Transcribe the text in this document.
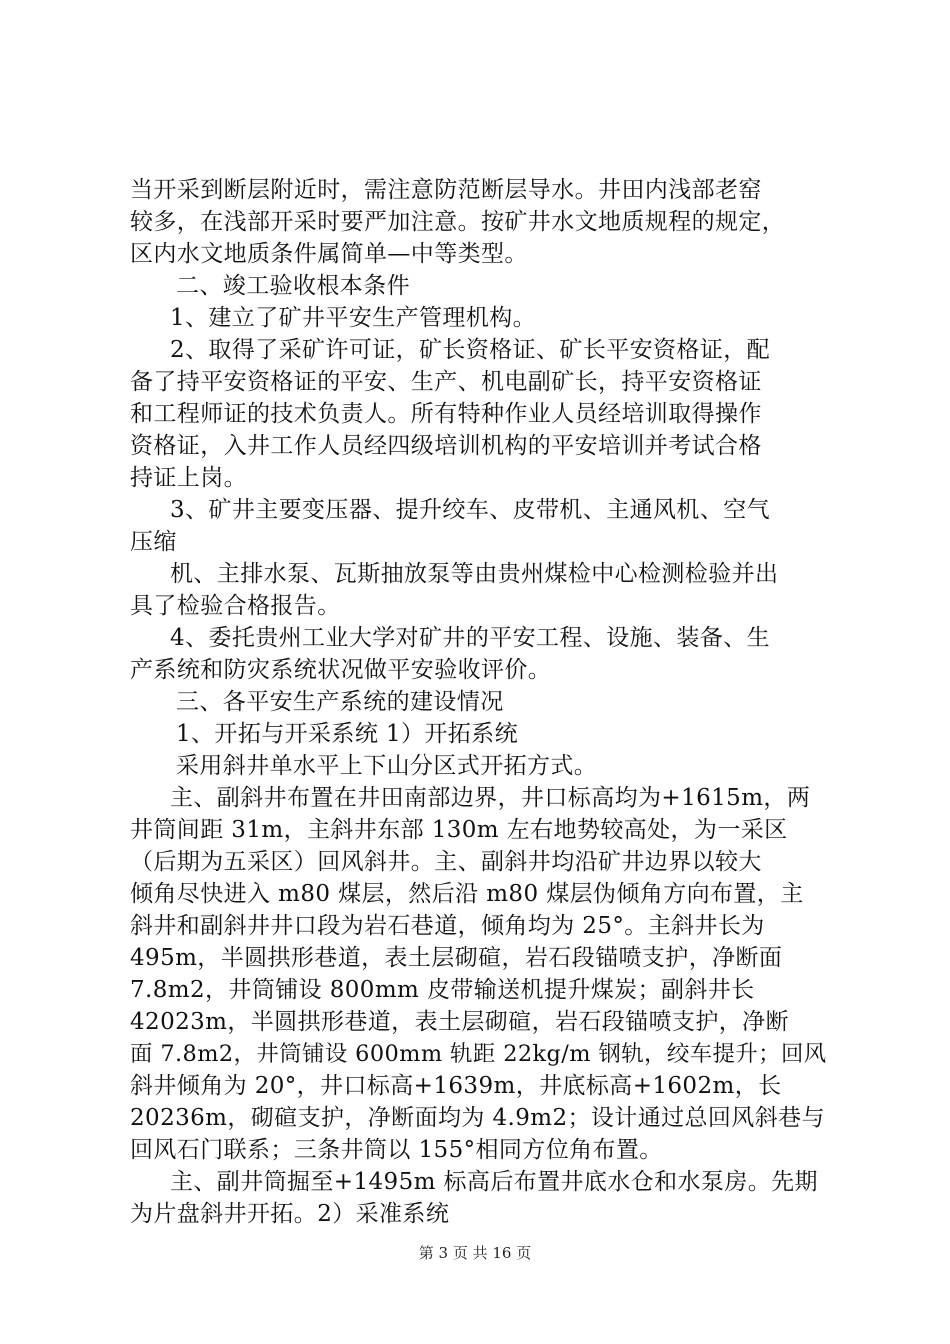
当开采到断层附近时，需注意防范断层导水。井田内浅部老窑
较多，在浅部开采时要严加注意。按矿井水文地质规程的规定，
区内水文地质条件属简单—中等类型。
二、竣工验收根本条件
1、建立了矿井平安生产管理机构。
2、取得了采矿许可证，矿长资格证、矿长平安资格证，配
备了持平安资格证的平安、生产、机电副矿长，持平安资格证
和工程师证的技术负责人。所有特种作业人员经培训取得操作
资格证，入井工作人员经四级培训机构的平安培训并考试合格
持证上岗。
3、矿井主要变压器、提升绞车、皮带机、主通风机、空气
压缩
机、主排水泵、瓦斯抽放泵等由贵州煤检中心检测检验并出
具了检验合格报告。
4、委托贵州工业大学对矿井的平安工程、设施、装备、生
产系统和防灾系统状况做平安验收评价。
三、各平安生产系统的建设情况
1、开拓与开采系统 1）开拓系统
采用斜井单水平上下山分区式开拓方式。
主、副斜井布置在井田南部边界，井口标高均为+1615m，两
井筒间距 31m，主斜井东部 130m 左右地势较高处，为一采区
（后期为五采区）回风斜井。主、副斜井均沿矿井边界以较大
倾角尽快进入 m80 煤层，然后沿 m80 煤层伪倾角方向布置，主
斜井和副斜井井口段为岩石巷道，倾角均为 25°。主斜井长为
495m，半圆拱形巷道，表土层砌碹，岩石段锚喷支护，净断面
7.8m2，井筒铺设 800mm 皮带输送机提升煤炭；副斜井长
42023m，半圆拱形巷道，表土层砌碹，岩石段锚喷支护，净断
面 7.8m2，井筒铺设 600mm 轨距 22kg/m 钢轨，绞车提升；回风
斜井倾角为 20°，井口标高+1639m，井底标高+1602m，长
20236m，砌碹支护，净断面均为 4.9m2；设计通过总回风斜巷与
回风石门联系；三条井筒以 155°相同方位角布置。
主、副井筒掘至+1495m 标高后布置井底水仓和水泵房。先期
为片盘斜井开拓。2）采准系统
第 3 页 共 16 页
